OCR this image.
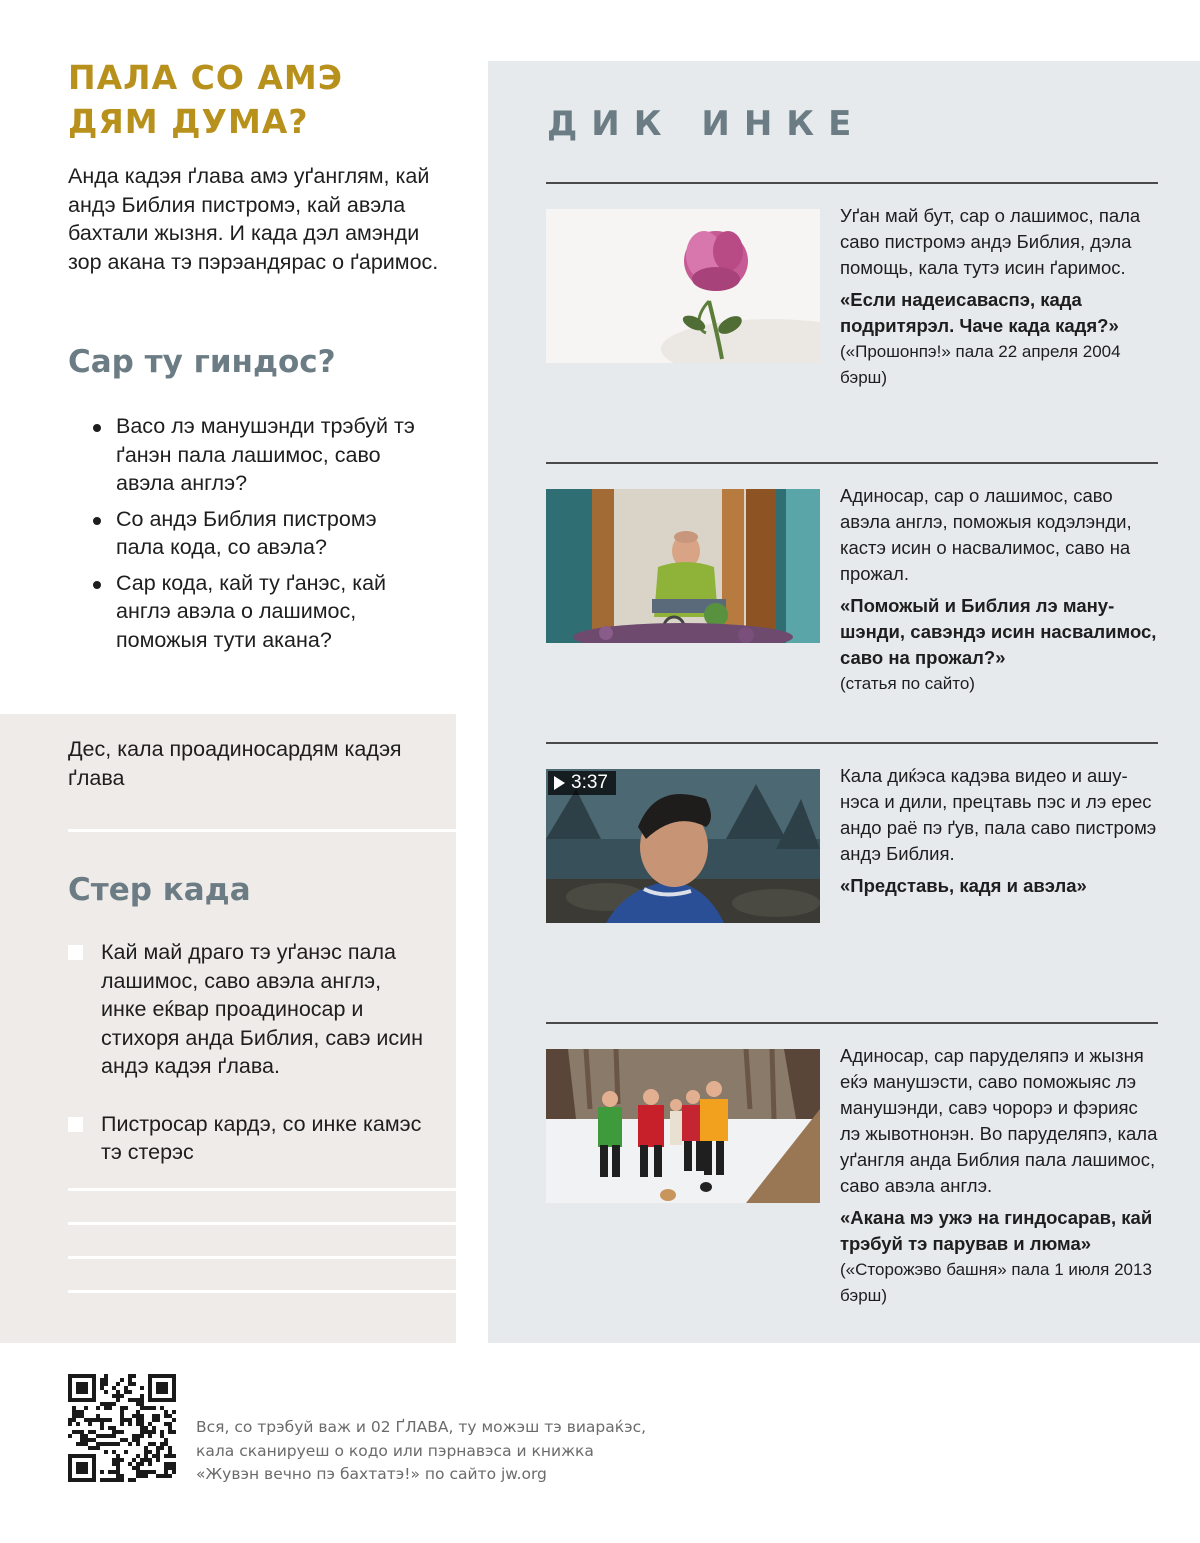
ПАЛА СО АМЭ
ДЯМ ДУМА?

Анда кадэя ґлава амэ уґанглям, кай андэ Библия пистромэ, кай авэла бахтали жызня. И када дэл амэнди зор акана тэ пэрэандярас о ґаримос.

Сар ту гиндос?
Васо лэ манушэнди трэбуй тэ ґанэн пала лашимос, саво авэла англэ?
Со андэ Библия пистромэ пала кода, со авэла?
Сар кода, кай ту ґанэс, кай англэ авэла о лашимос, поможыя тути акана?

Дес, кала проадиносардям кадэя ґлава

Стер када
Кай май драго тэ уґанэс пала лашимос, саво авэла англэ, инке еќвар проадиносар и стихоря анда Библия, савэ исин андэ кадэя ґлава.
Пистросар кардэ, со инке камэс тэ стерэс
ДИК ИНКЕ

Уґан май бут, сар о лашимос, пала саво пистромэ андэ Библия, дэла помощь, кала тутэ исин ґаримос.

«Если надеисаваспэ, када подритярэл. Чаче када кадя?»

(«Прошонпэ!» пала 22 апреля 2004 бэрш)

Адиносар, сар о лашимос, саво авэла англэ, поможыя кодэлэнди, кастэ исин о насвалимос, саво на прожал.

«Поможый и Библия лэ манушэнди, савэндэ исин насвалимос, саво на прожал?»

(статья по сайто)

3:37	Кала диќэса кадэва видео и ашунэса и дили, прецтавь пэс и лэ ерес андо раё пэ ґув, пала саво пистромэ андэ Библия.

«Представь, кадя и авэла»

Адиносар, сар паруделяпэ и жызня еќэ манушэсти, саво поможыяс лэ манушэнди, савэ чорорэ и фэрияс лэ жывотнонэн. Во паруделяпэ, кала уґангля анда Библия пала лашимос, саво авэла англэ.

«Акана мэ ужэ на гиндосарав, кай трэбуй тэ парував и люма»

(«Сторожэво башня» пала 1 июля 2013 бэрш)

Вся, со трэбуй важ и 02 ҐЛАВА, ту можэш тэ виараќэс,
кала сканируеш о кодо или пэрнавэса и книжка
«Жувэн вечно пэ бахтатэ!» по сайто jw.org
